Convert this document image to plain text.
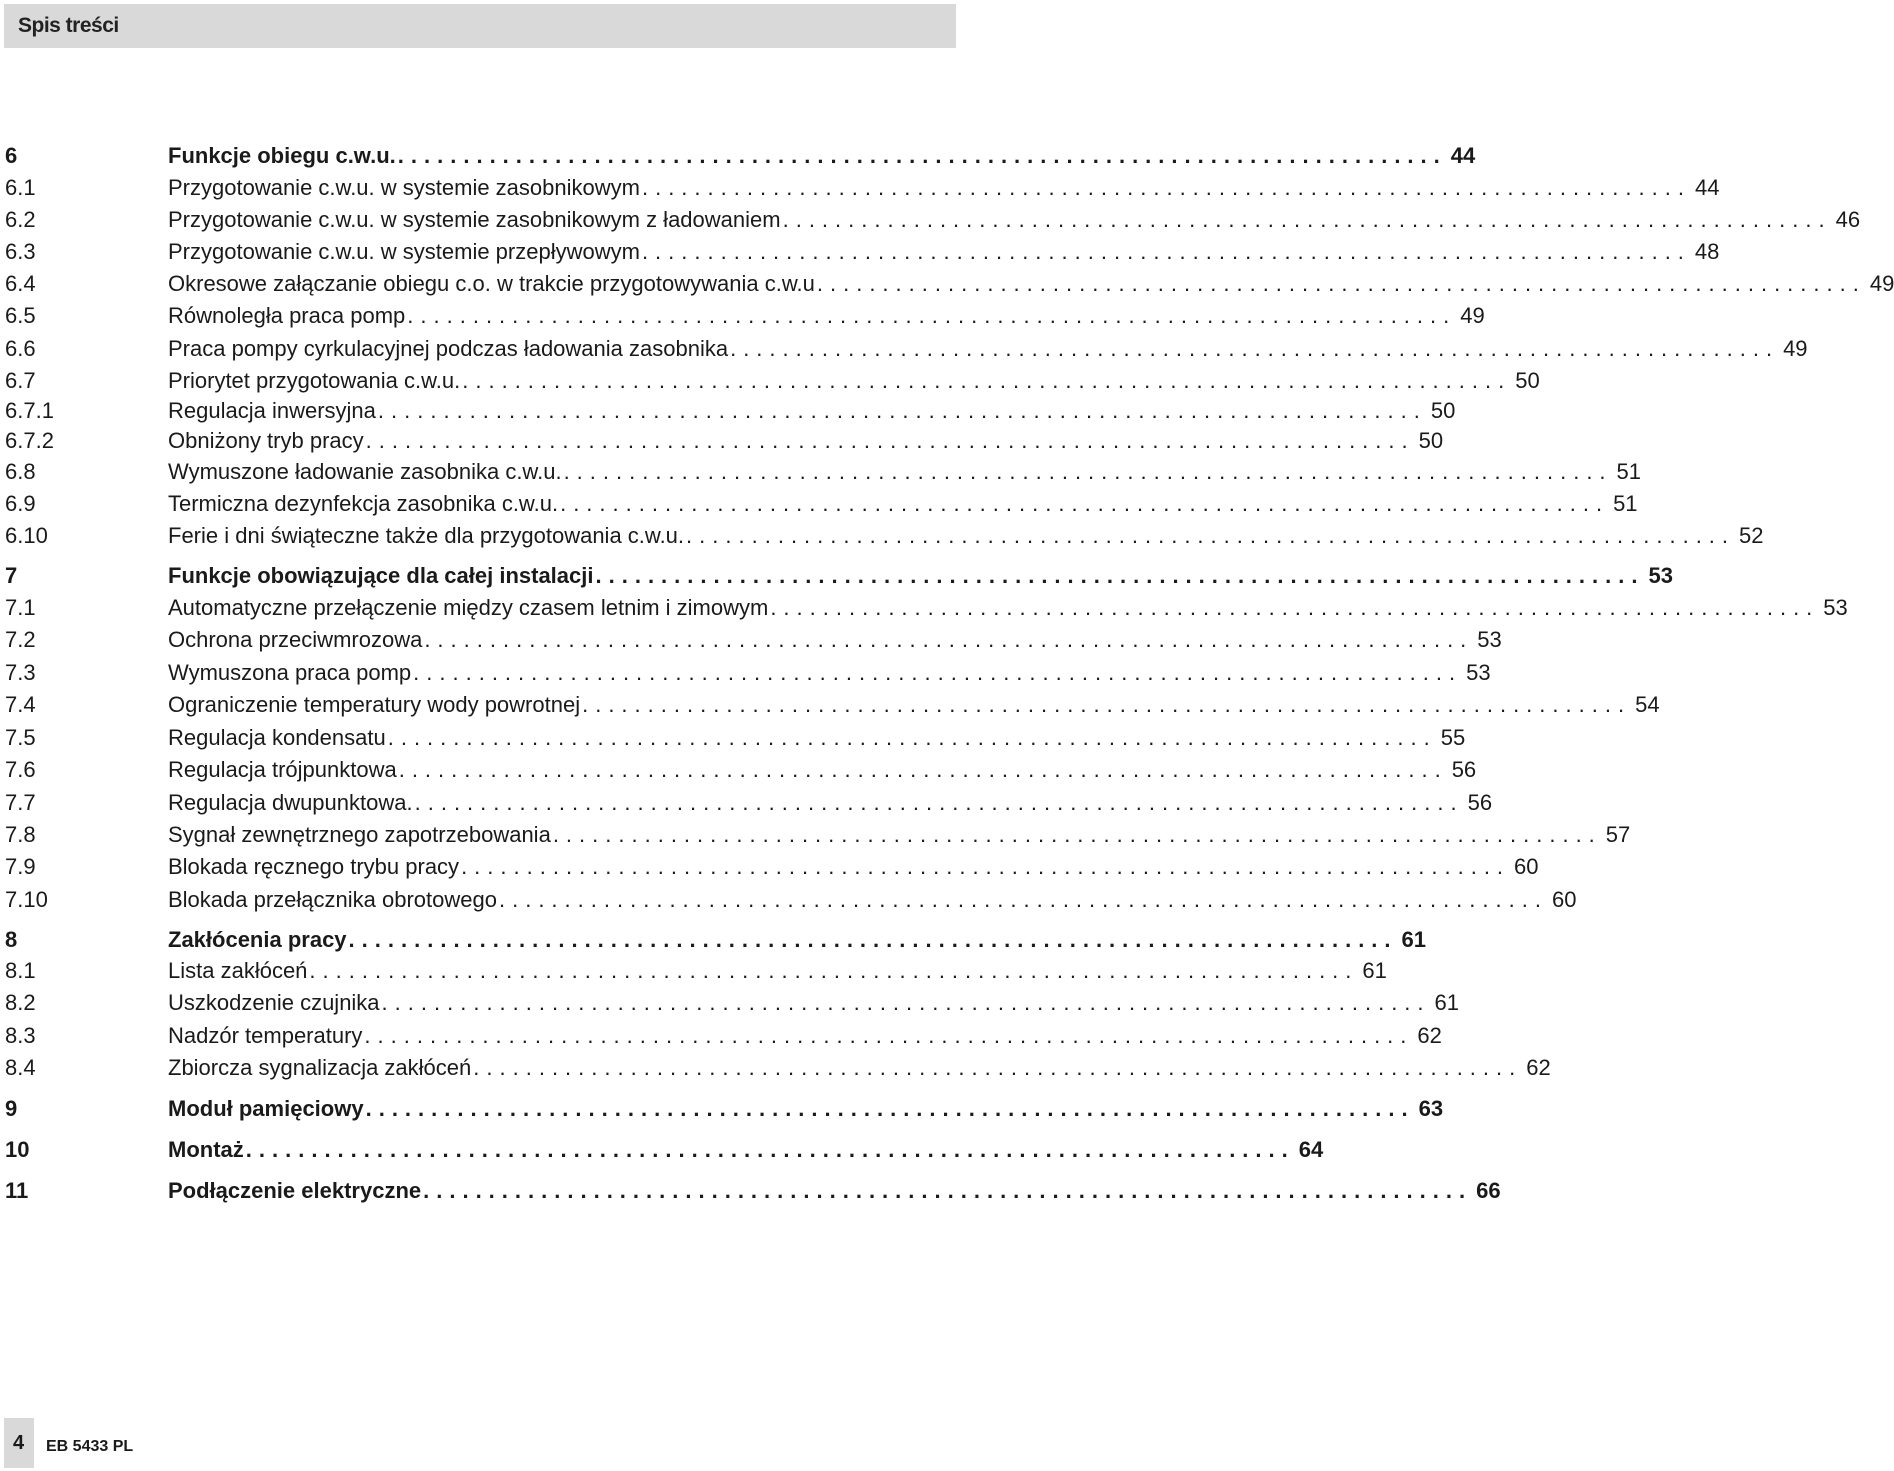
Spis treści
6	Funkcje obiegu c.w.u. ................................................................................ 44
6.1	Przygotowanie c.w.u. w systemie zasobnikowym ................................................................................ 44
6.2	Przygotowanie c.w.u. w systemie zasobnikowym z ładowaniem ................................................................................ 46
6.3	Przygotowanie c.w.u. w systemie przepływowym ................................................................................ 48
6.4	Okresowe załączanie obiegu c.o. w trakcie przygotowywania c.w.u ................................................................................ 49
6.5	Równoległa praca pomp ................................................................................ 49
6.6	Praca pompy cyrkulacyjnej podczas ładowania zasobnika ................................................................................ 49
6.7	Priorytet przygotowania c.w.u. ................................................................................ 50
6.7.1	Regulacja inwersyjna ................................................................................ 50
6.7.2	Obniżony tryb pracy ................................................................................ 50
6.8	Wymuszone ładowanie zasobnika c.w.u. ................................................................................ 51
6.9	Termiczna dezynfekcja zasobnika c.w.u. ................................................................................ 51
6.10	Ferie i dni świąteczne także dla przygotowania c.w.u. ................................................................................ 52
7	Funkcje obowiązujące dla całej instalacji ................................................................................ 53
7.1	Automatyczne przełączenie między czasem letnim i zimowym ................................................................................ 53
7.2	Ochrona przeciwmrozowa ................................................................................ 53
7.3	Wymuszona praca pomp ................................................................................ 53
7.4	Ograniczenie temperatury wody powrotnej ................................................................................ 54
7.5	Regulacja kondensatu ................................................................................ 55
7.6	Regulacja trójpunktowa ................................................................................ 56
7.7	Regulacja dwupunktowa. ................................................................................ 56
7.8	Sygnał zewnętrznego zapotrzebowania ................................................................................ 57
7.9	Blokada ręcznego trybu pracy ................................................................................ 60
7.10	Blokada przełącznika obrotowego ................................................................................ 60
8	Zakłócenia pracy ................................................................................ 61
8.1	Lista zakłóceń ................................................................................ 61
8.2	Uszkodzenie czujnika ................................................................................ 61
8.3	Nadzór temperatury ................................................................................ 62
8.4	Zbiorcza sygnalizacja zakłóceń ................................................................................ 62
9	Moduł pamięciowy ................................................................................ 63
10	Montaż ................................................................................ 64
11	Podłączenie elektryczne ................................................................................ 66
4 EB 5433 PL
